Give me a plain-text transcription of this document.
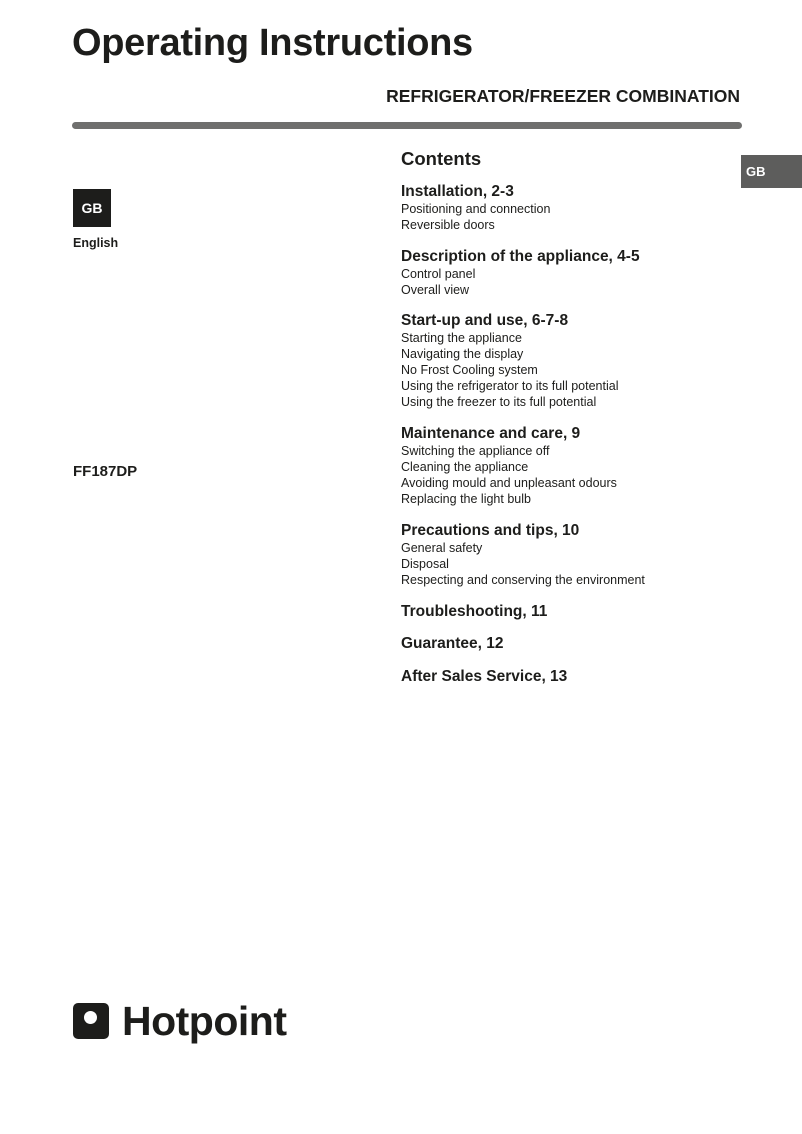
Operating Instructions
REFRIGERATOR/FREEZER COMBINATION
GB
English
GB
FF187DP
Contents
Installation, 2-3
Positioning and connection
Reversible doors
Description of the appliance, 4-5
Control panel
Overall view
Start-up and use, 6-7-8
Starting the appliance
Navigating the display
No Frost Cooling system
Using the refrigerator to its full potential
Using the freezer to its full potential
Maintenance and care, 9
Switching the appliance off
Cleaning the appliance
Avoiding mould and unpleasant odours
Replacing the light bulb
Precautions and tips, 10
General safety
Disposal
Respecting and conserving the environment
Troubleshooting, 11
Guarantee, 12
After Sales Service, 13
Hotpoint
